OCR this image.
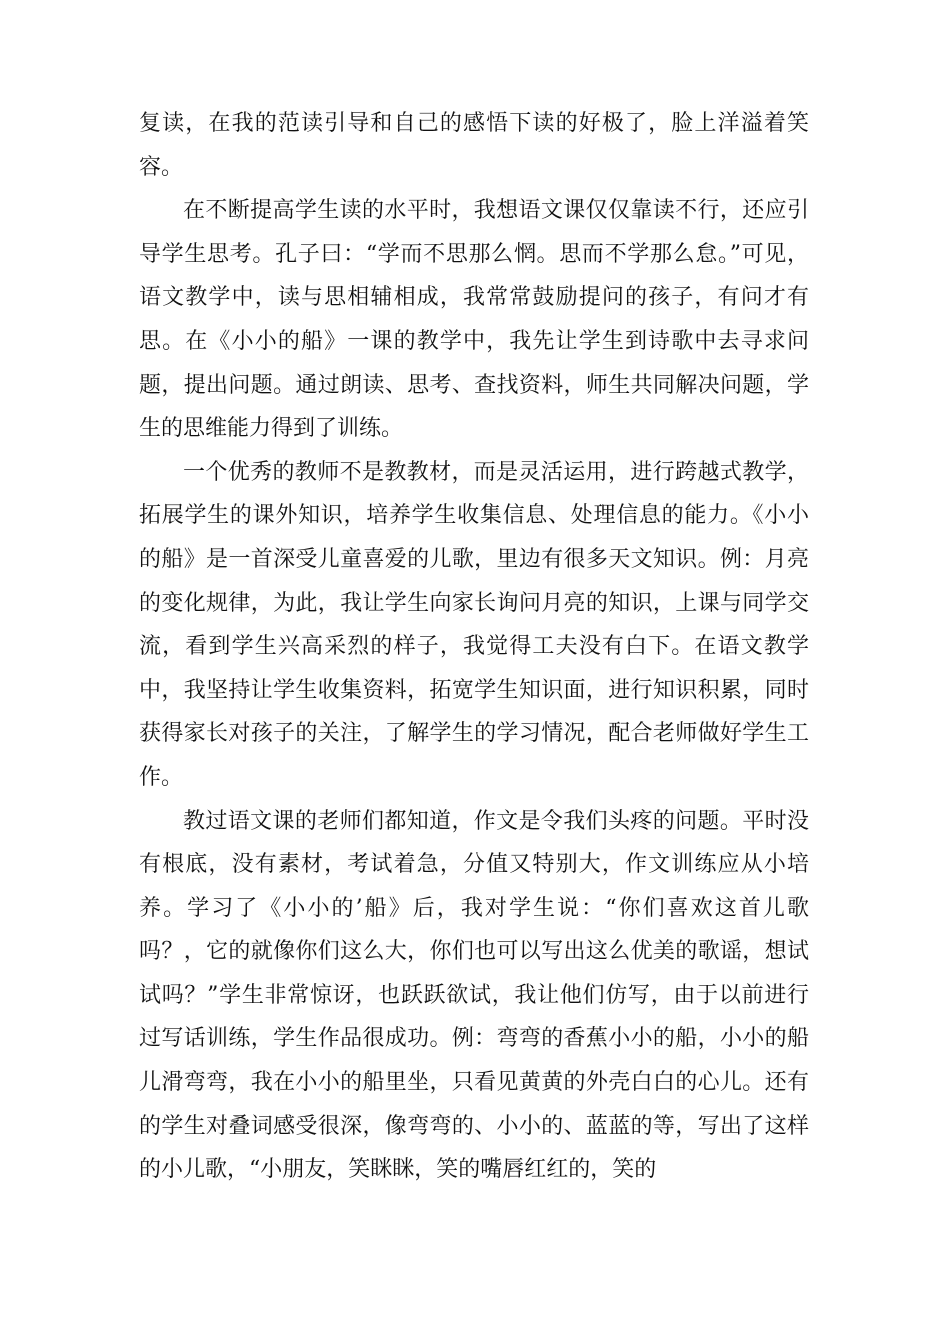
复读，在我的范读引导和自己的感悟下读的好极了，脸上洋溢着笑容。

在不断提高学生读的水平时，我想语文课仅仅靠读不行，还应引导学生思考。孔子曰：“学而不思那么惘。思而不学那么怠。”可见，语文教学中，读与思相辅相成，我常常鼓励提问的孩子，有问才有思。在《小小的船》一课的教学中，我先让学生到诗歌中去寻求问题，提出问题。通过朗读、思考、查找资料，师生共同解决问题，学生的思维能力得到了训练。

一个优秀的教师不是教教材，而是灵活运用，进行跨越式教学，拓展学生的课外知识，培养学生收集信息、处理信息的能力。《小小的船》是一首深受儿童喜爱的儿歌，里边有很多天文知识。例：月亮的变化规律，为此，我让学生向家长询问月亮的知识，上课与同学交流，看到学生兴高采烈的样子，我觉得工夫没有白下。在语文教学中，我坚持让学生收集资料，拓宽学生知识面，进行知识积累，同时获得家长对孩子的关注，了解学生的学习情况，配合老师做好学生工作。

教过语文课的老师们都知道，作文是令我们头疼的问题。平时没有根底，没有素材，考试着急，分值又特别大，作文训练应从小培养。学习了《小小的’船》后，我对学生说：“你们喜欢这首儿歌吗？，它的就像你们这么大，你们也可以写出这么优美的歌谣，想试试吗？”学生非常惊讶，也跃跃欲试，我让他们仿写，由于以前进行过写话训练，学生作品很成功。例：弯弯的香蕉小小的船，小小的船儿滑弯弯，我在小小的船里坐，只看见黄黄的外壳白白的心儿。还有的学生对叠词感受很深，像弯弯的、小小的、蓝蓝的等，写出了这样的小儿歌，“小朋友，笑眯眯，笑的嘴唇红红的，笑的
